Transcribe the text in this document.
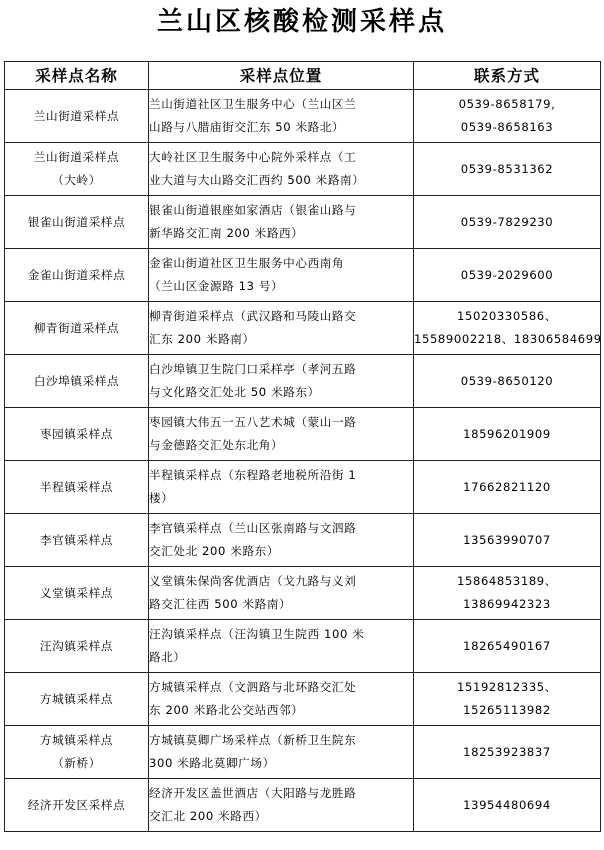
兰山区核酸检测采样点
采样点名称	采样点位置	联系方式

兰山街道采样点	兰山街道社区卫生服务中心（兰山区兰
山路与八腊庙街交汇东 50 米路北）	0539-8658179,
0539-8658163

兰山街道采样点
（大岭）	大岭社区卫生服务中心院外采样点（工
业大道与大山路交汇西约 500 米路南）	0539-8531362

银雀山街道采样点	银雀山街道银座如家酒店（银雀山路与
新华路交汇南 200 米路西）	0539-7829230

金雀山街道采样点	金雀山街道社区卫生服务中心西南角
（兰山区金源路 13 号）	0539-2029600

柳青街道采样点	柳青街道采样点（武汉路和马陵山路交
汇东 200 米路南）	15020330586、
15589002218、18306584699

白沙埠镇采样点	白沙埠镇卫生院门口采样亭（孝河五路
与文化路交汇处北 50 米路东）	0539-8650120

枣园镇采样点	枣园镇大伟五一五八艺术城（蒙山一路
与金德路交汇处东北角）	18596201909

半程镇采样点	半程镇采样点（东程路老地税所沿街 1
楼）	17662821120

李官镇采样点	李官镇采样点（兰山区张南路与文泗路
交汇处北 200 米路东）	13563990707

义堂镇采样点	义堂镇朱保尚客优酒店（戈九路与义刘
路交汇往西 500 米路南）	15864853189、
13869942323

汪沟镇采样点	汪沟镇采样点（汪沟镇卫生院西 100 米
路北）	18265490167

方城镇采样点	方城镇采样点（文泗路与北环路交汇处
东 200 米路北公交站西邻）	15192812335、
15265113982

方城镇采样点
（新桥）	方城镇莫卿广场采样点（新桥卫生院东
300 米路北莫卿广场）	18253923837

经济开发区采样点	经济开发区盖世酒店（大阳路与龙胜路
交汇北 200 米路西）	13954480694
